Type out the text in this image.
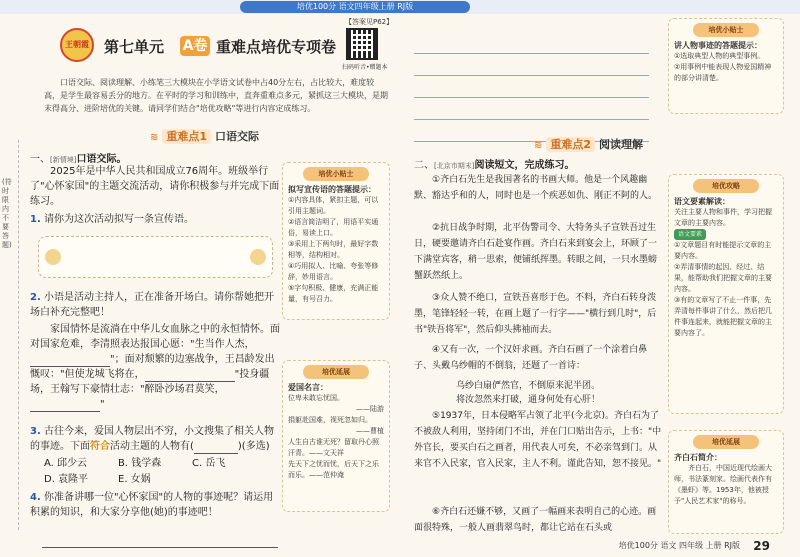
培优100分 语文四年级上册 RJ版
王朝霞	第七单元 A卷 重难点培优专项卷
【答案见P62】
扫码听音•赠题本
口语交际、阅读理解、小练笔三大模块在小学语文试卷中占40分左右，占比较大，难度较高，是学生最容易丢分的地方。在平时的学习和训练中，直奔重难点多元，紧抓这三大模块，是期末得高分、进阶培优的关键。请同学们结合"培优攻略"等进行内容定成练习。
≋ 重难点1 口语交际
≋ 重难点2 阅读理解
(符时限内不要答题)
一、[新情境]口语交际。
2025年是中华人民共和国成立76周年。班级举行了"心怀家国"的主题交流活动，请你积极参与并完成下面练习。
1. 请你为这次活动拟写一条宣传语。
2. 小语是活动主持人，正在准备开场白。请你帮她把开场白补充完整吧！
家国情怀是流淌在中华儿女血脉之中的永恒情怀。面对国家危难，李清照表达报国心愿："生当作人杰，"；面对颓繁的边塞战争，王昌龄发出慨叹："但使龙城飞将在，	"投身疆场，王翰写下豪情壮志："醉卧沙场君莫笑，"
3. 古往今来，爱国人物层出不穷，小文搜集了相关人物的事迹。下面符合活动主题的人物有(	)(多选)
A. 邱少云	B. 钱学森	C. 岳飞
D. 袁隆平	E. 女娲
4. 你准备讲哪一位"心怀家国"的人物的事迹呢？请运用积累的知识，和大家分享他(她)的事迹吧！
培优小贴士
拟写宣传语的答题提示：
①内容具体，紧扣主题，可以引用主题词。
②语言简洁明了，用语平实通俗，易读上口。
③采用上下两句时，最好字数相等，结构相对。
④巧用拟人、比喻、夸张等修辞，妙用语言。
⑤字句积极、健康，充满正能量，有号召力。
培优延展
爱国名言：
位卑未敢忘忧国。
——陆游
捐躯赴国难，视死忽如归。
——曹植
人生自古谁无死？留取丹心照汗青。——文天祥
先天下之忧而忧，后天下之乐而乐。——范仲淹
二、[北京市期末]阅读短文，完成练习。
①齐白石先生是我国著名的书画大师。他是一个风趣幽默、豁达乎和的人，同时也是一个疾恶如仇、刚正不阿的人。
②抗日战争时期，北平伪警司令、大特务头子宣铁吾过生日，硬要邀请齐白石赴宴作画。齐白石来到宴会上，环顾了一下满堂宾客，稍一思索，便铺纸挥墨。转眼之间，一只水墨螃蟹跃然纸上。
③众人赞不绝口，宣铁吾喜形于色。不料，齐白石转身泼墨，笔锋轻轻一转，在画上题了一行字——"横行到几时"，后书"铁吾将军"，然后仰头拂袖而去。
④又有一次，一个汉奸求画。齐白石画了一个涂着白鼻子、头戴乌纱帽的不倒翁，还题了一首诗：
乌纱白扇俨然官，不倒原来泥半团。
将汝忽然来打破，通身何处有心肝！
⑤1937年，日本侵略军占领了北平(今北京)。齐白石为了不被敌人利用，坚持闭门不出，并在门口贴出告示，上书："中外官长，要买白石之画者，用代表人可矣，不必亲驾到门。从来官不入民家，官入民家，主人不利。谨此告知，恕不接见。"
⑥齐白石还嫌不够，又画了一幅画来表明自己的心迹。画面很特殊，一般人画翡翠鸟时，都让它站在石头或
培优小贴士
讲人物事迹的答题提示：
①选取典型人物的典型事例。
②用事例中能表现人物爱国精神的部分讲清楚。
培优攻略
语文要素解读：
关注主要人物和事件，学习把握文章的主要内容。
语文要素
①文章题目有时能提示文章的主要内容。
②弄清事情的起因、经过、结果，能帮助我们把握文章的主要内容。
③有的文章写了不止一件事，先弄清每件事讲了什么，然后把几件事连起来，就能把握文章的主要内容了。
培优延展
齐白石简介：
齐白石，中国近现代绘画大师，书法篆刻家。绘画代表作有《墨虾》等。1953年，他被授予"人民艺术家"的称号。
培优100分 语文 四年级 上册 RJ版 29
